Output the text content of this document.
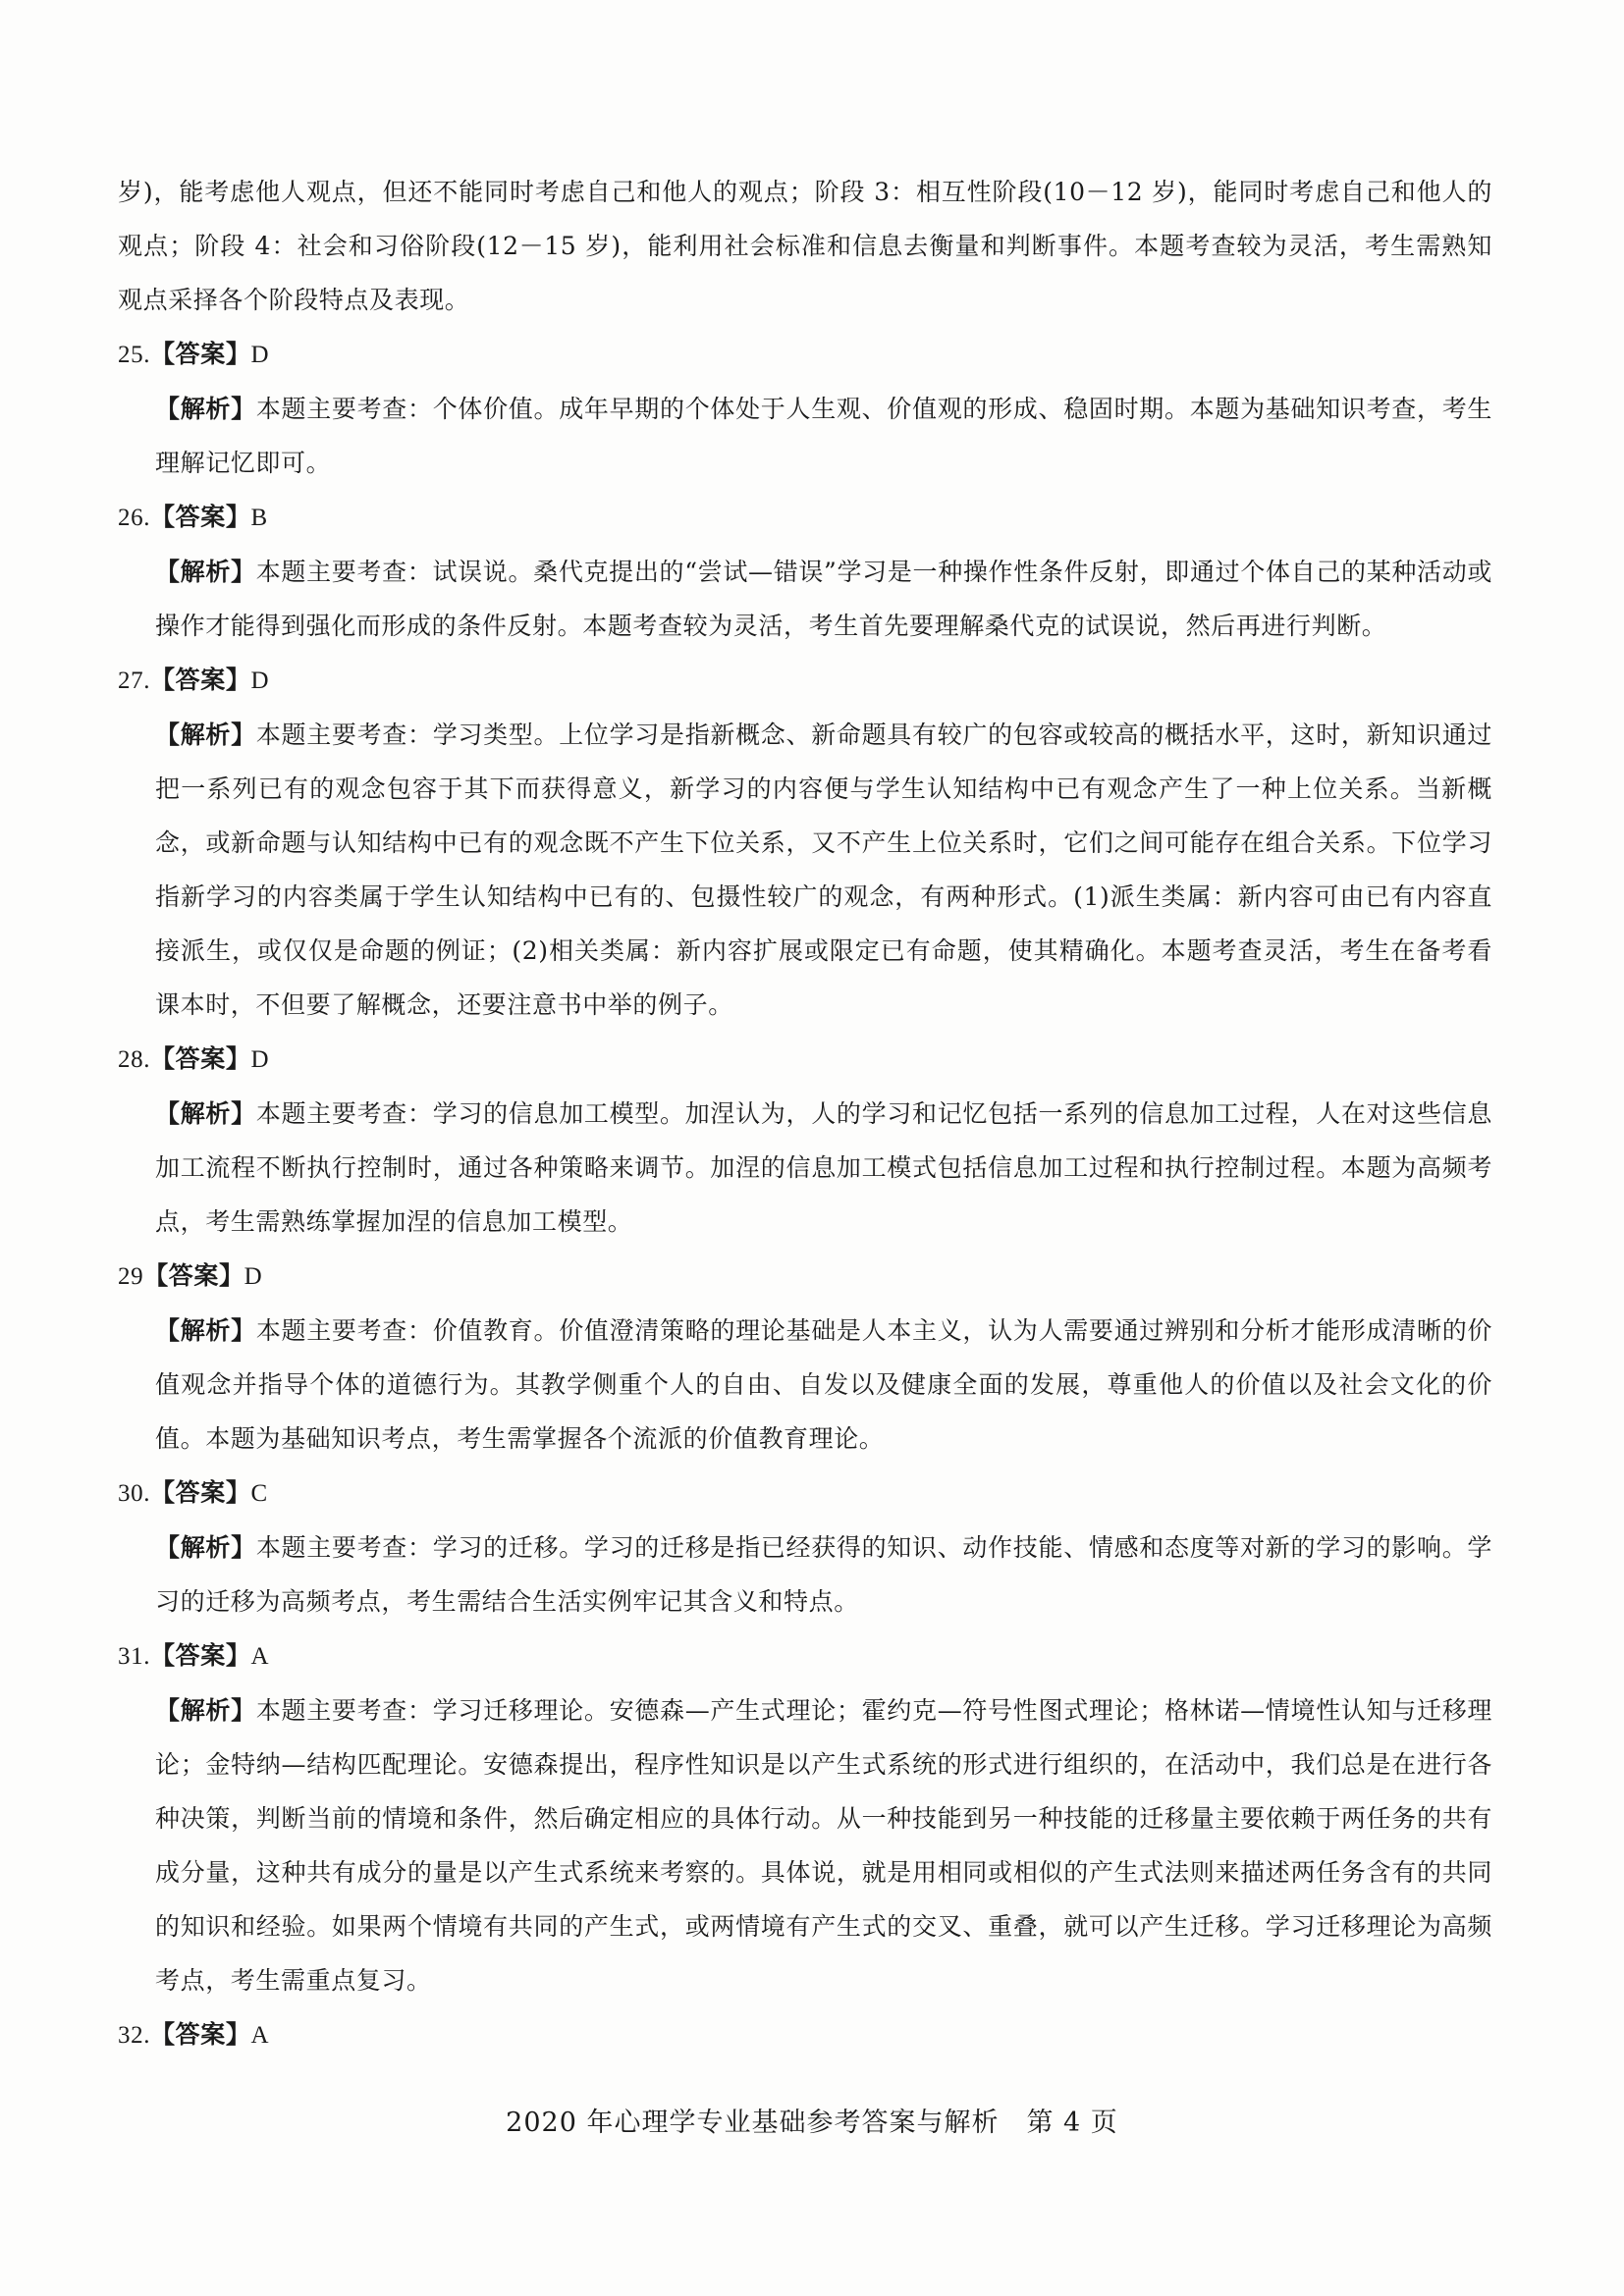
岁)，能考虑他人观点，但还不能同时考虑自己和他人的观点；阶段 3：相互性阶段(10－12 岁)，能同时考虑自己和他人的观点；阶段 4：社会和习俗阶段(12－15 岁)，能利用社会标准和信息去衡量和判断事件。本题考查较为灵活，考生需熟知观点采择各个阶段特点及表现。

25.【答案】D

【解析】本题主要考查：个体价值。成年早期的个体处于人生观、价值观的形成、稳固时期。本题为基础知识考查，考生理解记忆即可。

26.【答案】B

【解析】本题主要考查：试误说。桑代克提出的“尝试—错误”学习是一种操作性条件反射，即通过个体自己的某种活动或操作才能得到强化而形成的条件反射。本题考查较为灵活，考生首先要理解桑代克的试误说，然后再进行判断。

27.【答案】D

【解析】本题主要考查：学习类型。上位学习是指新概念、新命题具有较广的包容或较高的概括水平，这时，新知识通过把一系列已有的观念包容于其下而获得意义，新学习的内容便与学生认知结构中已有观念产生了一种上位关系。当新概念，或新命题与认知结构中已有的观念既不产生下位关系，又不产生上位关系时，它们之间可能存在组合关系。下位学习指新学习的内容类属于学生认知结构中已有的、包摄性较广的观念，有两种形式。(1)派生类属：新内容可由已有内容直接派生，或仅仅是命题的例证；(2)相关类属：新内容扩展或限定已有命题，使其精确化。本题考查灵活，考生在备考看课本时，不但要了解概念，还要注意书中举的例子。

28.【答案】D

【解析】本题主要考查：学习的信息加工模型。加涅认为，人的学习和记忆包括一系列的信息加工过程，人在对这些信息加工流程不断执行控制时，通过各种策略来调节。加涅的信息加工模式包括信息加工过程和执行控制过程。本题为高频考点，考生需熟练掌握加涅的信息加工模型。

29【答案】D

【解析】本题主要考查：价值教育。价值澄清策略的理论基础是人本主义，认为人需要通过辨别和分析才能形成清晰的价值观念并指导个体的道德行为。其教学侧重个人的自由、自发以及健康全面的发展，尊重他人的价值以及社会文化的价值。本题为基础知识考点，考生需掌握各个流派的价值教育理论。

30.【答案】C

【解析】本题主要考查：学习的迁移。学习的迁移是指已经获得的知识、动作技能、情感和态度等对新的学习的影响。学习的迁移为高频考点，考生需结合生活实例牢记其含义和特点。

31.【答案】A

【解析】本题主要考查：学习迁移理论。安德森—产生式理论；霍约克—符号性图式理论；格林诺—情境性认知与迁移理论；金特纳—结构匹配理论。安德森提出，程序性知识是以产生式系统的形式进行组织的，在活动中，我们总是在进行各种决策，判断当前的情境和条件，然后确定相应的具体行动。从一种技能到另一种技能的迁移量主要依赖于两任务的共有成分量，这种共有成分的量是以产生式系统来考察的。具体说，就是用相同或相似的产生式法则来描述两任务含有的共同的知识和经验。如果两个情境有共同的产生式，或两情境有产生式的交叉、重叠，就可以产生迁移。学习迁移理论为高频考点，考生需重点复习。

32.【答案】A

2020 年心理学专业基础参考答案与解析　第 4 页
